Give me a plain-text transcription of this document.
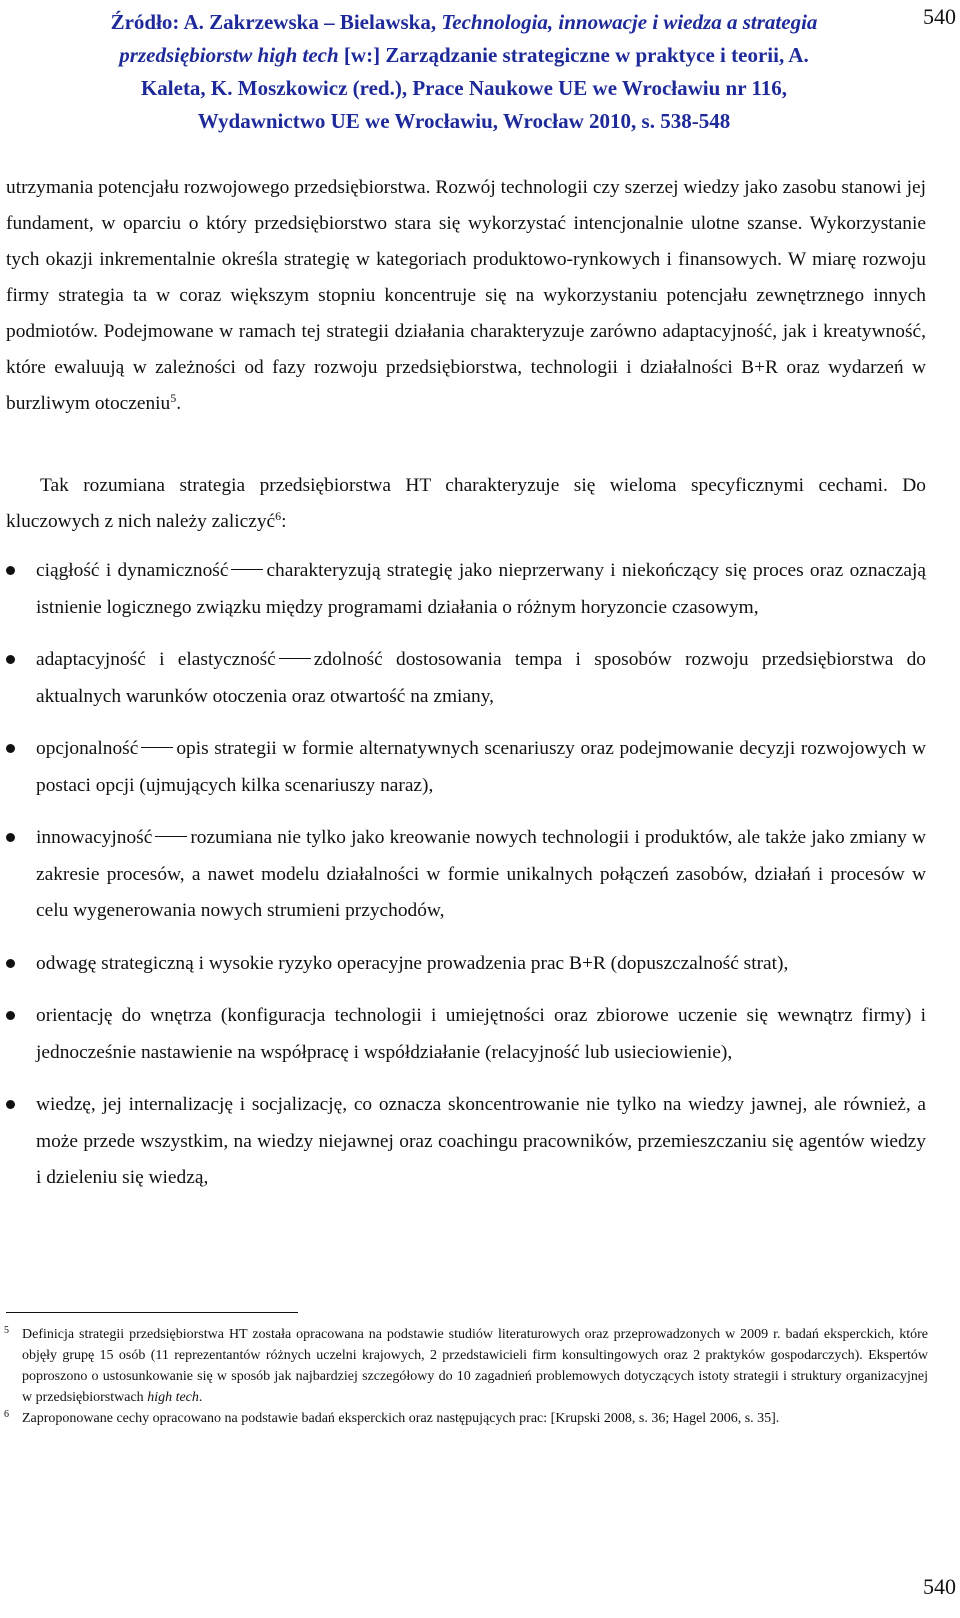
Źródło: A. Zakrzewska – Bielawska, Technologia, innowacje i wiedza a strategia
przedsiębiorstw high tech [w:] Zarządzanie strategiczne w praktyce i teorii, A.
Kaleta, K. Moszkowicz (red.), Prace Naukowe UE we Wrocławiu nr 116,
Wydawnictwo UE we Wrocławiu, Wrocław 2010, s. 538-548
540
utrzymania potencjału rozwojowego przedsiębiorstwa. Rozwój technologii czy szerzej wiedzy jako zasobu stanowi jej fundament, w oparciu o który przedsiębiorstwo stara się wykorzystać intencjonalnie ulotne szanse. Wykorzystanie tych okazji inkrementalnie określa strategię w kategoriach produktowo-rynkowych i finansowych. W miarę rozwoju firmy strategia ta w coraz większym stopniu koncentruje się na wykorzystaniu potencjału zewnętrznego innych podmiotów. Podejmowane w ramach tej strategii działania charakteryzuje zarówno adaptacyjność, jak i kreatywność, które ewaluują w zależności od fazy rozwoju przedsiębiorstwa, technologii i działalności B+R oraz wydarzeń w burzliwym otoczeniu$^5$.
Tak rozumiana strategia przedsiębiorstwa HT charakteryzuje się wieloma specyficznymi cechami. Do kluczowych z nich należy zaliczyć$^6$:
ciągłość i dynamiczność charakteryzują strategię jako nieprzerwany i niekończący się proces oraz oznaczają istnienie logicznego związku między programami działania o różnym horyzoncie czasowym,
adaptacyjność i elastyczność zdolność dostosowania tempa i sposobów rozwoju przedsiębiorstwa do aktualnych warunków otoczenia oraz otwartość na zmiany,
opcjonalność opis strategii w formie alternatywnych scenariuszy oraz podejmowanie decyzji rozwojowych w postaci opcji (ujmujących kilka scenariuszy naraz),
innowacyjność rozumiana nie tylko jako kreowanie nowych technologii i produktów, ale także jako zmiany w zakresie procesów, a nawet modelu działalności w formie unikalnych połączeń zasobów, działań i procesów w celu wygenerowania nowych strumieni przychodów,
odwagę strategiczną i wysokie ryzyko operacyjne prowadzenia prac B+R (dopuszczalność strat),
orientację do wnętrza (konfiguracja technologii i umiejętności oraz zbiorowe uczenie się wewnątrz firmy) i jednocześnie nastawienie na współpracę i współdziałanie (relacyjność lub usieciowienie),
wiedzę, jej internalizację i socjalizację, co oznacza skoncentrowanie nie tylko na wiedzy jawnej, ale również, a może przede wszystkim, na wiedzy niejawnej oraz coachingu pracowników, przemieszczaniu się agentów wiedzy i dzieleniu się wiedzą,
5 Definicja strategii przedsiębiorstwa HT została opracowana na podstawie studiów literaturowych oraz przeprowadzonych w 2009 r. badań eksperckich, które objęły grupę 15 osób (11 reprezentantów różnych uczelni krajowych, 2 przedstawicieli firm konsultingowych oraz 2 praktyków gospodarczych). Ekspertów poproszono o ustosunkowanie się w sposób jak najbardziej szczegółowy do 10 zagadnień problemowych dotyczących istoty strategii i struktury organizacyjnej w przedsiębiorstwach high tech.
6 Zaproponowane cechy opracowano na podstawie badań eksperckich oraz następujących prac: [Krupski 2008, s. 36; Hagel 2006, s. 35].
540
